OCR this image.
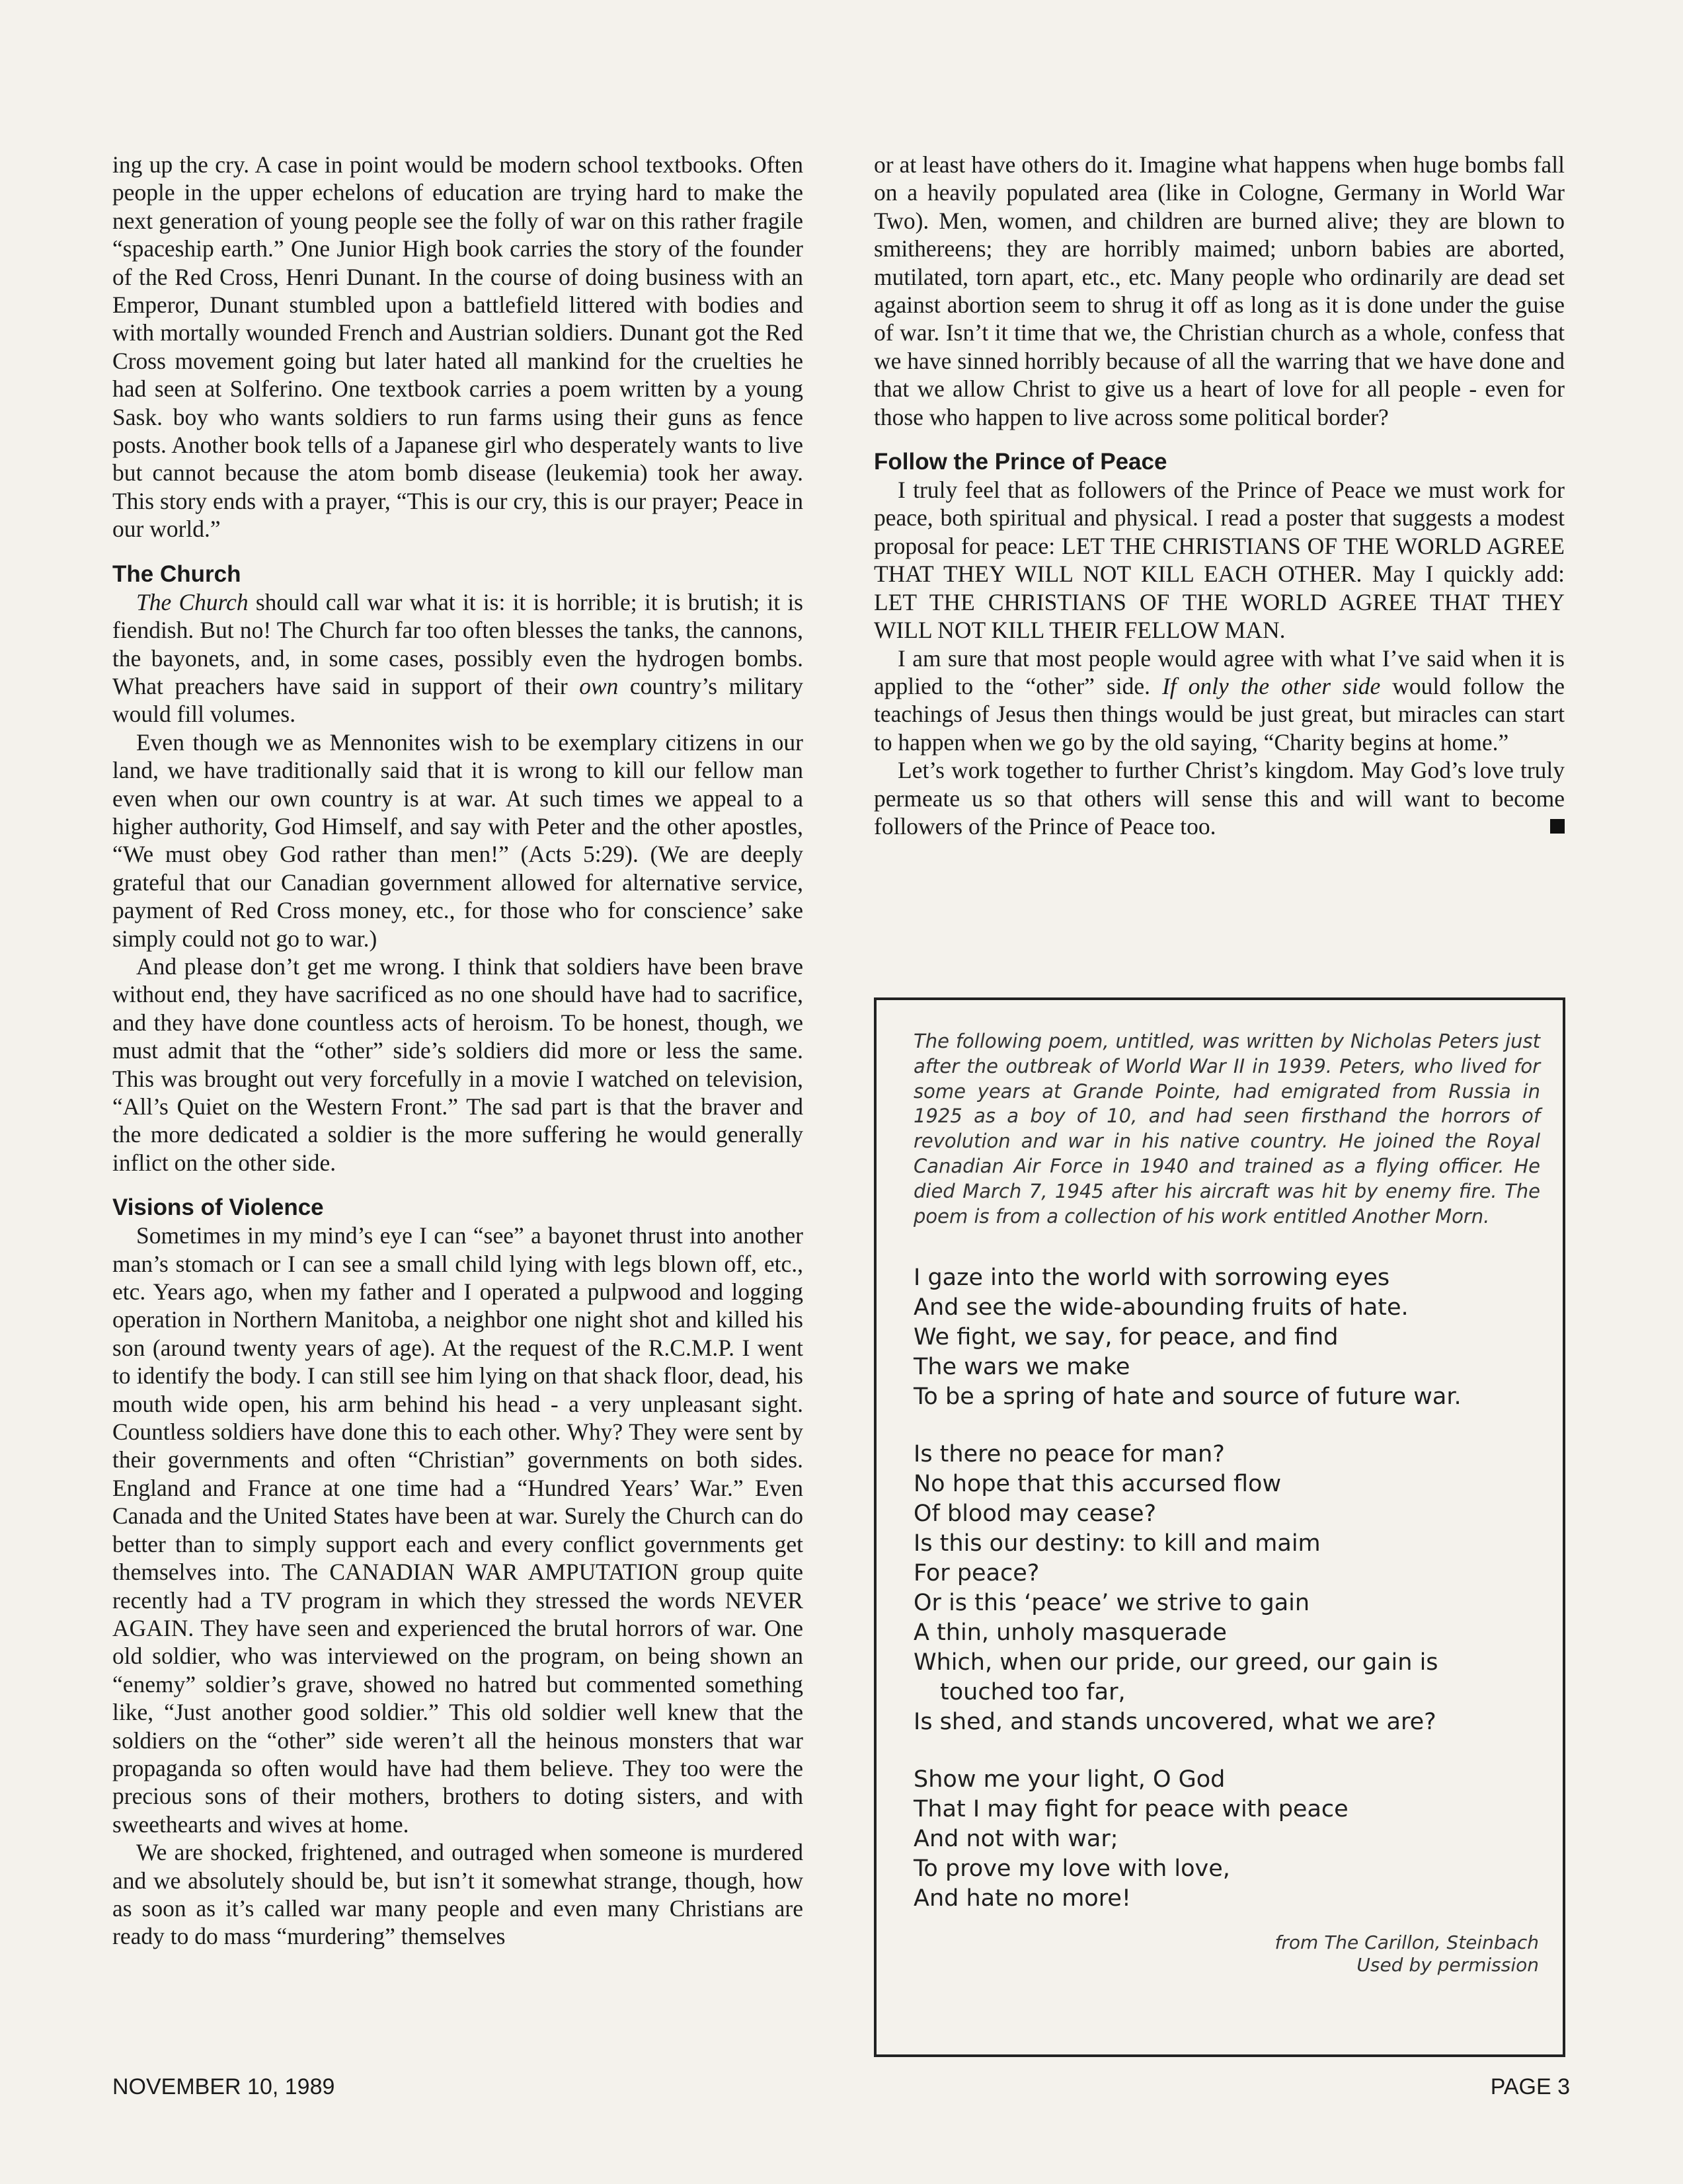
ing up the cry. A case in point would be modern school textbooks. Often people in the upper echelons of education are trying hard to make the next generation of young people see the folly of war on this rather fragile “spaceship earth.” One Junior High book carries the story of the founder of the Red Cross, Henri Dunant. In the course of doing business with an Emperor, Dunant stumbled upon a battlefield littered with bodies and with mortally wounded French and Austrian soldiers. Dunant got the Red Cross movement going but later hated all mankind for the cruelties he had seen at Solferino. One textbook carries a poem written by a young Sask. boy who wants soldiers to run farms using their guns as fence posts. Another book tells of a Japanese girl who desperately wants to live but cannot because the atom bomb disease (leukemia) took her away. This story ends with a prayer, “This is our cry, this is our prayer; Peace in our world.”

The Church

The Church should call war what it is: it is horrible; it is brutish; it is fiendish. But no! The Church far too often blesses the tanks, the cannons, the bayonets, and, in some cases, possibly even the hydrogen bombs. What preachers have said in support of their own country’s military would fill volumes.

Even though we as Mennonites wish to be exemplary citizens in our land, we have traditionally said that it is wrong to kill our fellow man even when our own country is at war. At such times we appeal to a higher authority, God Himself, and say with Peter and the other apostles, “We must obey God rather than men!” (Acts 5:29). (We are deeply grateful that our Canadian government allowed for alternative service, payment of Red Cross money, etc., for those who for conscience’ sake simply could not go to war.)

And please don’t get me wrong. I think that soldiers have been brave without end, they have sacrificed as no one should have had to sacrifice, and they have done countless acts of heroism. To be honest, though, we must admit that the “other” side’s soldiers did more or less the same. This was brought out very forcefully in a movie I watched on television, “All’s Quiet on the Western Front.” The sad part is that the braver and the more dedicated a soldier is the more suffering he would generally inflict on the other side.

Visions of Violence

Sometimes in my mind’s eye I can “see” a bayonet thrust into another man’s stomach or I can see a small child lying with legs blown off, etc., etc. Years ago, when my father and I operated a pulpwood and logging operation in Northern Manitoba, a neighbor one night shot and killed his son (around twenty years of age). At the request of the R.C.M.P. I went to identify the body. I can still see him lying on that shack floor, dead, his mouth wide open, his arm behind his head - a very unpleasant sight. Countless soldiers have done this to each other. Why? They were sent by their governments and often “Christian” governments on both sides. England and France at one time had a “Hundred Years’ War.” Even Canada and the United States have been at war. Surely the Church can do better than to simply support each and every conflict governments get themselves into. The CANADIAN WAR AMPUTATION group quite recently had a TV program in which they stressed the words NEVER AGAIN. They have seen and experienced the brutal horrors of war. One old soldier, who was interviewed on the program, on being shown an “enemy” soldier’s grave, showed no hatred but commented something like, “Just another good soldier.” This old soldier well knew that the soldiers on the “other” side weren’t all the heinous monsters that war propaganda so often would have had them believe. They too were the precious sons of their mothers, brothers to doting sisters, and with sweethearts and wives at home.

We are shocked, frightened, and outraged when someone is murdered and we absolutely should be, but isn’t it somewhat strange, though, how as soon as it’s called war many people and even many Christians are ready to do mass “murdering” themselves

or at least have others do it. Imagine what happens when huge bombs fall on a heavily populated area (like in Cologne, Germany in World War Two). Men, women, and children are burned alive; they are blown to smithereens; they are horribly maimed; unborn babies are aborted, mutilated, torn apart, etc., etc. Many people who ordinarily are dead set against abortion seem to shrug it off as long as it is done under the guise of war. Isn’t it time that we, the Christian church as a whole, confess that we have sinned horribly because of all the warring that we have done and that we allow Christ to give us a heart of love for all people - even for those who happen to live across some political border?

Follow the Prince of Peace

I truly feel that as followers of the Prince of Peace we must work for peace, both spiritual and physical. I read a poster that suggests a modest proposal for peace: LET THE CHRISTIANS OF THE WORLD AGREE THAT THEY WILL NOT KILL EACH OTHER. May I quickly add: LET THE CHRISTIANS OF THE WORLD AGREE THAT THEY WILL NOT KILL THEIR FELLOW MAN.

I am sure that most people would agree with what I’ve said when it is applied to the “other” side. If only the other side would follow the teachings of Jesus then things would be just great, but miracles can start to happen when we go by the old saying, “Charity begins at home.”

Let’s work together to further Christ’s kingdom. May God’s love truly permeate us so that others will sense this and will want to become followers of the Prince of Peace too.

The following poem, untitled, was written by Nicholas Peters just after the outbreak of World War II in 1939. Peters, who lived for some years at Grande Pointe, had emigrated from Russia in 1925 as a boy of 10, and had seen firsthand the horrors of revolution and war in his native country. He joined the Royal Canadian Air Force in 1940 and trained as a flying officer. He died March 7, 1945 after his aircraft was hit by enemy fire. The poem is from a collection of his work entitled Another Morn.

I gaze into the world with sorrowing eyes
And see the wide-abounding fruits of hate.
We fight, we say, for peace, and find
The wars we make
To be a spring of hate and source of future war.
Is there no peace for man?
No hope that this accursed flow
Of blood may cease?
Is this our destiny: to kill and maim
For peace?
Or is this ‘peace’ we strive to gain
A thin, unholy masquerade
Which, when our pride, our greed, our gain is
touched too far,
Is shed, and stands uncovered, what we are?
Show me your light, O God
That I may fight for peace with peace
And not with war;
To prove my love with love,
And hate no more!
from The Carillon, Steinbach
Used by permission
NOVEMBER 10, 1989	PAGE 3
